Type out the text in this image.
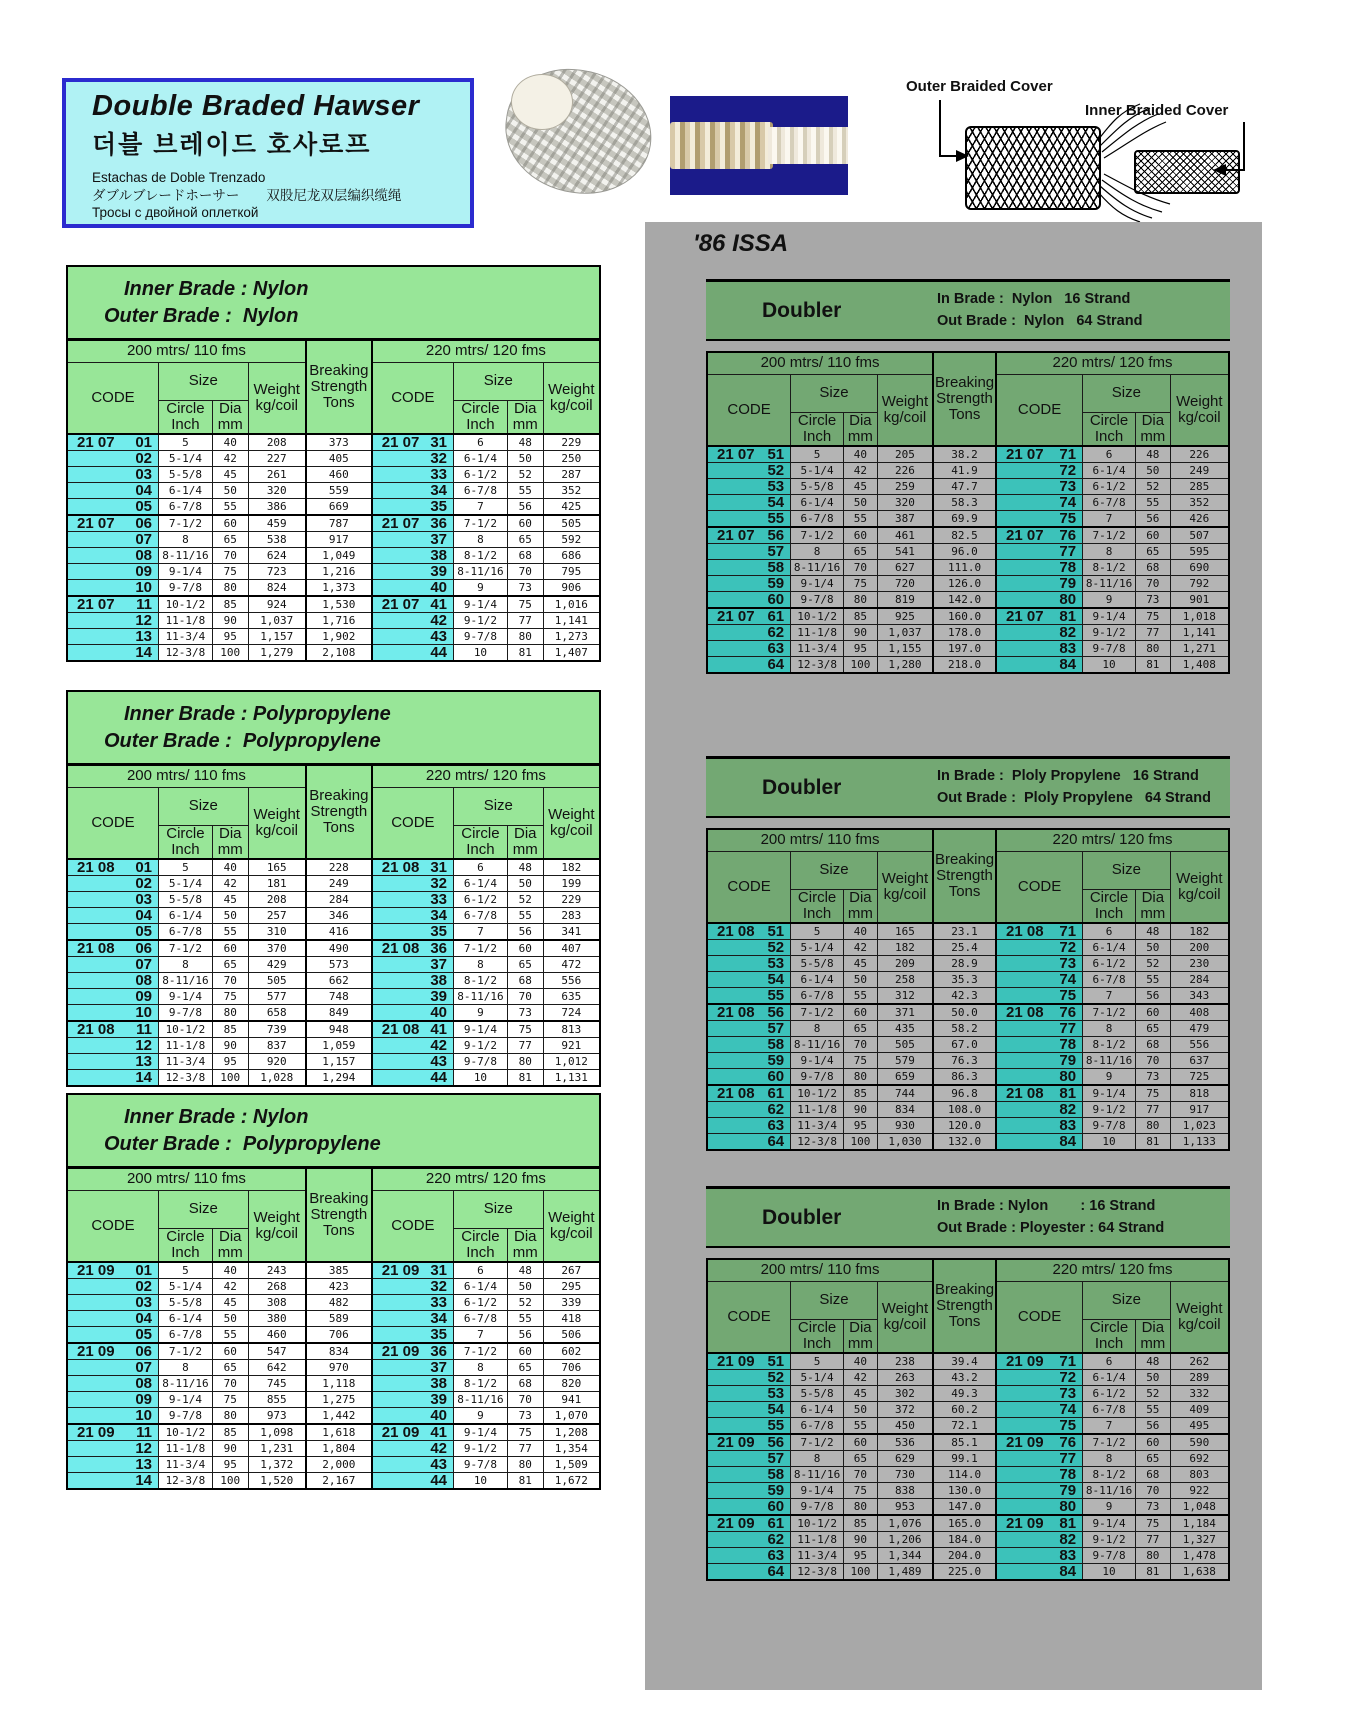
Double Braded Hawser
더블 브레이드 호사로프
Estachas de Doble Trenzado
ダブルブレードホーサー　　双股尼龙双层编织缆绳
Тросы с двойной оплеткой
Outer Braided Cover
Inner Braided Cover
'86 ISSA
Inner Brade : Nylon
Outer Brade :  Nylon
200 mtrs/ 110 fms				Breaking
Strength
Tons	220 mtrs/ 120 fms			
CODE	Size		Weight
kg/coil		CODE	Size		Weight
kg/coil
	Circle
Inch	Dia
mm				Circle
Inch	Dia
mm	

21 07 01	5	40	208	373	21 07 31	6	48	229

02	5-1/4	42	227	405	32	6-1/4	50	250

03	5-5/8	45	261	460	33	6-1/2	52	287

04	6-1/4	50	320	559	34	6-7/8	55	352

05	6-7/8	55	386	669	35	7	56	425

21 07 06	7-1/2	60	459	787	21 07 36	7-1/2	60	505

07	8	65	538	917	37	8	65	592

08	8-11/16	70	624	1,049	38	8-1/2	68	686

09	9-1/4	75	723	1,216	39	8-11/16	70	795

10	9-7/8	80	824	1,373	40	9	73	906

21 07 11	10-1/2	85	924	1,530	21 07 41	9-1/4	75	1,016

12	11-1/8	90	1,037	1,716	42	9-1/2	77	1,141

13	11-3/4	95	1,157	1,902	43	9-7/8	80	1,273

14	12-3/8	100	1,279	2,108	44	10	81	1,407
Inner Brade : Polypropylene
Outer Brade :  Polypropylene
200 mtrs/ 110 fms				Breaking
Strength
Tons	220 mtrs/ 120 fms			
CODE	Size		Weight
kg/coil		CODE	Size		Weight
kg/coil
	Circle
Inch	Dia
mm				Circle
Inch	Dia
mm	

21 08 01	5	40	165	228	21 08 31	6	48	182

02	5-1/4	42	181	249	32	6-1/4	50	199

03	5-5/8	45	208	284	33	6-1/2	52	229

04	6-1/4	50	257	346	34	6-7/8	55	283

05	6-7/8	55	310	416	35	7	56	341

21 08 06	7-1/2	60	370	490	21 08 36	7-1/2	60	407

07	8	65	429	573	37	8	65	472

08	8-11/16	70	505	662	38	8-1/2	68	556

09	9-1/4	75	577	748	39	8-11/16	70	635

10	9-7/8	80	658	849	40	9	73	724

21 08 11	10-1/2	85	739	948	21 08 41	9-1/4	75	813

12	11-1/8	90	837	1,059	42	9-1/2	77	921

13	11-3/4	95	920	1,157	43	9-7/8	80	1,012

14	12-3/8	100	1,028	1,294	44	10	81	1,131
Inner Brade : Nylon
Outer Brade :  Polypropylene
200 mtrs/ 110 fms				Breaking
Strength
Tons	220 mtrs/ 120 fms			
CODE	Size		Weight
kg/coil		CODE	Size		Weight
kg/coil
	Circle
Inch	Dia
mm				Circle
Inch	Dia
mm	

21 09 01	5	40	243	385	21 09 31	6	48	267

02	5-1/4	42	268	423	32	6-1/4	50	295

03	5-5/8	45	308	482	33	6-1/2	52	339

04	6-1/4	50	380	589	34	6-7/8	55	418

05	6-7/8	55	460	706	35	7	56	506

21 09 06	7-1/2	60	547	834	21 09 36	7-1/2	60	602

07	8	65	642	970	37	8	65	706

08	8-11/16	70	745	1,118	38	8-1/2	68	820

09	9-1/4	75	855	1,275	39	8-11/16	70	941

10	9-7/8	80	973	1,442	40	9	73	1,070

21 09 11	10-1/2	85	1,098	1,618	21 09 41	9-1/4	75	1,208

12	11-1/8	90	1,231	1,804	42	9-1/2	77	1,354

13	11-3/4	95	1,372	2,000	43	9-7/8	80	1,509

14	12-3/8	100	1,520	2,167	44	10	81	1,672
Doubler	In Brade :  Nylon   16 Strand
Out Brade :  Nylon   64 Strand
200 mtrs/ 110 fms				Breaking
Strength
Tons	220 mtrs/ 120 fms			
CODE	Size		Weight
kg/coil		CODE	Size		Weight
kg/coil
	Circle
Inch	Dia
mm				Circle
Inch	Dia
mm	

21 07 51	5	40	205	38.2	21 07 71	6	48	226

52	5-1/4	42	226	41.9	72	6-1/4	50	249

53	5-5/8	45	259	47.7	73	6-1/2	52	285

54	6-1/4	50	320	58.3	74	6-7/8	55	352

55	6-7/8	55	387	69.9	75	7	56	426

21 07 56	7-1/2	60	461	82.5	21 07 76	7-1/2	60	507

57	8	65	541	96.0	77	8	65	595

58	8-11/16	70	627	111.0	78	8-1/2	68	690

59	9-1/4	75	720	126.0	79	8-11/16	70	792

60	9-7/8	80	819	142.0	80	9	73	901

21 07 61	10-1/2	85	925	160.0	21 07 81	9-1/4	75	1,018

62	11-1/8	90	1,037	178.0	82	9-1/2	77	1,141

63	11-3/4	95	1,155	197.0	83	9-7/8	80	1,271

64	12-3/8	100	1,280	218.0	84	10	81	1,408
Doubler	In Brade :  Ploly Propylene   16 Strand
Out Brade :  Ploly Propylene   64 Strand
200 mtrs/ 110 fms				Breaking
Strength
Tons	220 mtrs/ 120 fms			
CODE	Size		Weight
kg/coil		CODE	Size		Weight
kg/coil
	Circle
Inch	Dia
mm				Circle
Inch	Dia
mm	

21 08 51	5	40	165	23.1	21 08 71	6	48	182

52	5-1/4	42	182	25.4	72	6-1/4	50	200

53	5-5/8	45	209	28.9	73	6-1/2	52	230

54	6-1/4	50	258	35.3	74	6-7/8	55	284

55	6-7/8	55	312	42.3	75	7	56	343

21 08 56	7-1/2	60	371	50.0	21 08 76	7-1/2	60	408

57	8	65	435	58.2	77	8	65	479

58	8-11/16	70	505	67.0	78	8-1/2	68	556

59	9-1/4	75	579	76.3	79	8-11/16	70	637

60	9-7/8	80	659	86.3	80	9	73	725

21 08 61	10-1/2	85	744	96.8	21 08 81	9-1/4	75	818

62	11-1/8	90	834	108.0	82	9-1/2	77	917

63	11-3/4	95	930	120.0	83	9-7/8	80	1,023

64	12-3/8	100	1,030	132.0	84	10	81	1,133
Doubler	In Brade : Nylon        : 16 Strand
Out Brade : Ployester : 64 Strand
200 mtrs/ 110 fms				Breaking
Strength
Tons	220 mtrs/ 120 fms			
CODE	Size		Weight
kg/coil		CODE	Size		Weight
kg/coil
	Circle
Inch	Dia
mm				Circle
Inch	Dia
mm	

21 09 51	5	40	238	39.4	21 09 71	6	48	262

52	5-1/4	42	263	43.2	72	6-1/4	50	289

53	5-5/8	45	302	49.3	73	6-1/2	52	332

54	6-1/4	50	372	60.2	74	6-7/8	55	409

55	6-7/8	55	450	72.1	75	7	56	495

21 09 56	7-1/2	60	536	85.1	21 09 76	7-1/2	60	590

57	8	65	629	99.1	77	8	65	692

58	8-11/16	70	730	114.0	78	8-1/2	68	803

59	9-1/4	75	838	130.0	79	8-11/16	70	922

60	9-7/8	80	953	147.0	80	9	73	1,048

21 09 61	10-1/2	85	1,076	165.0	21 09 81	9-1/4	75	1,184

62	11-1/8	90	1,206	184.0	82	9-1/2	77	1,327

63	11-3/4	95	1,344	204.0	83	9-7/8	80	1,478

64	12-3/8	100	1,489	225.0	84	10	81	1,638
